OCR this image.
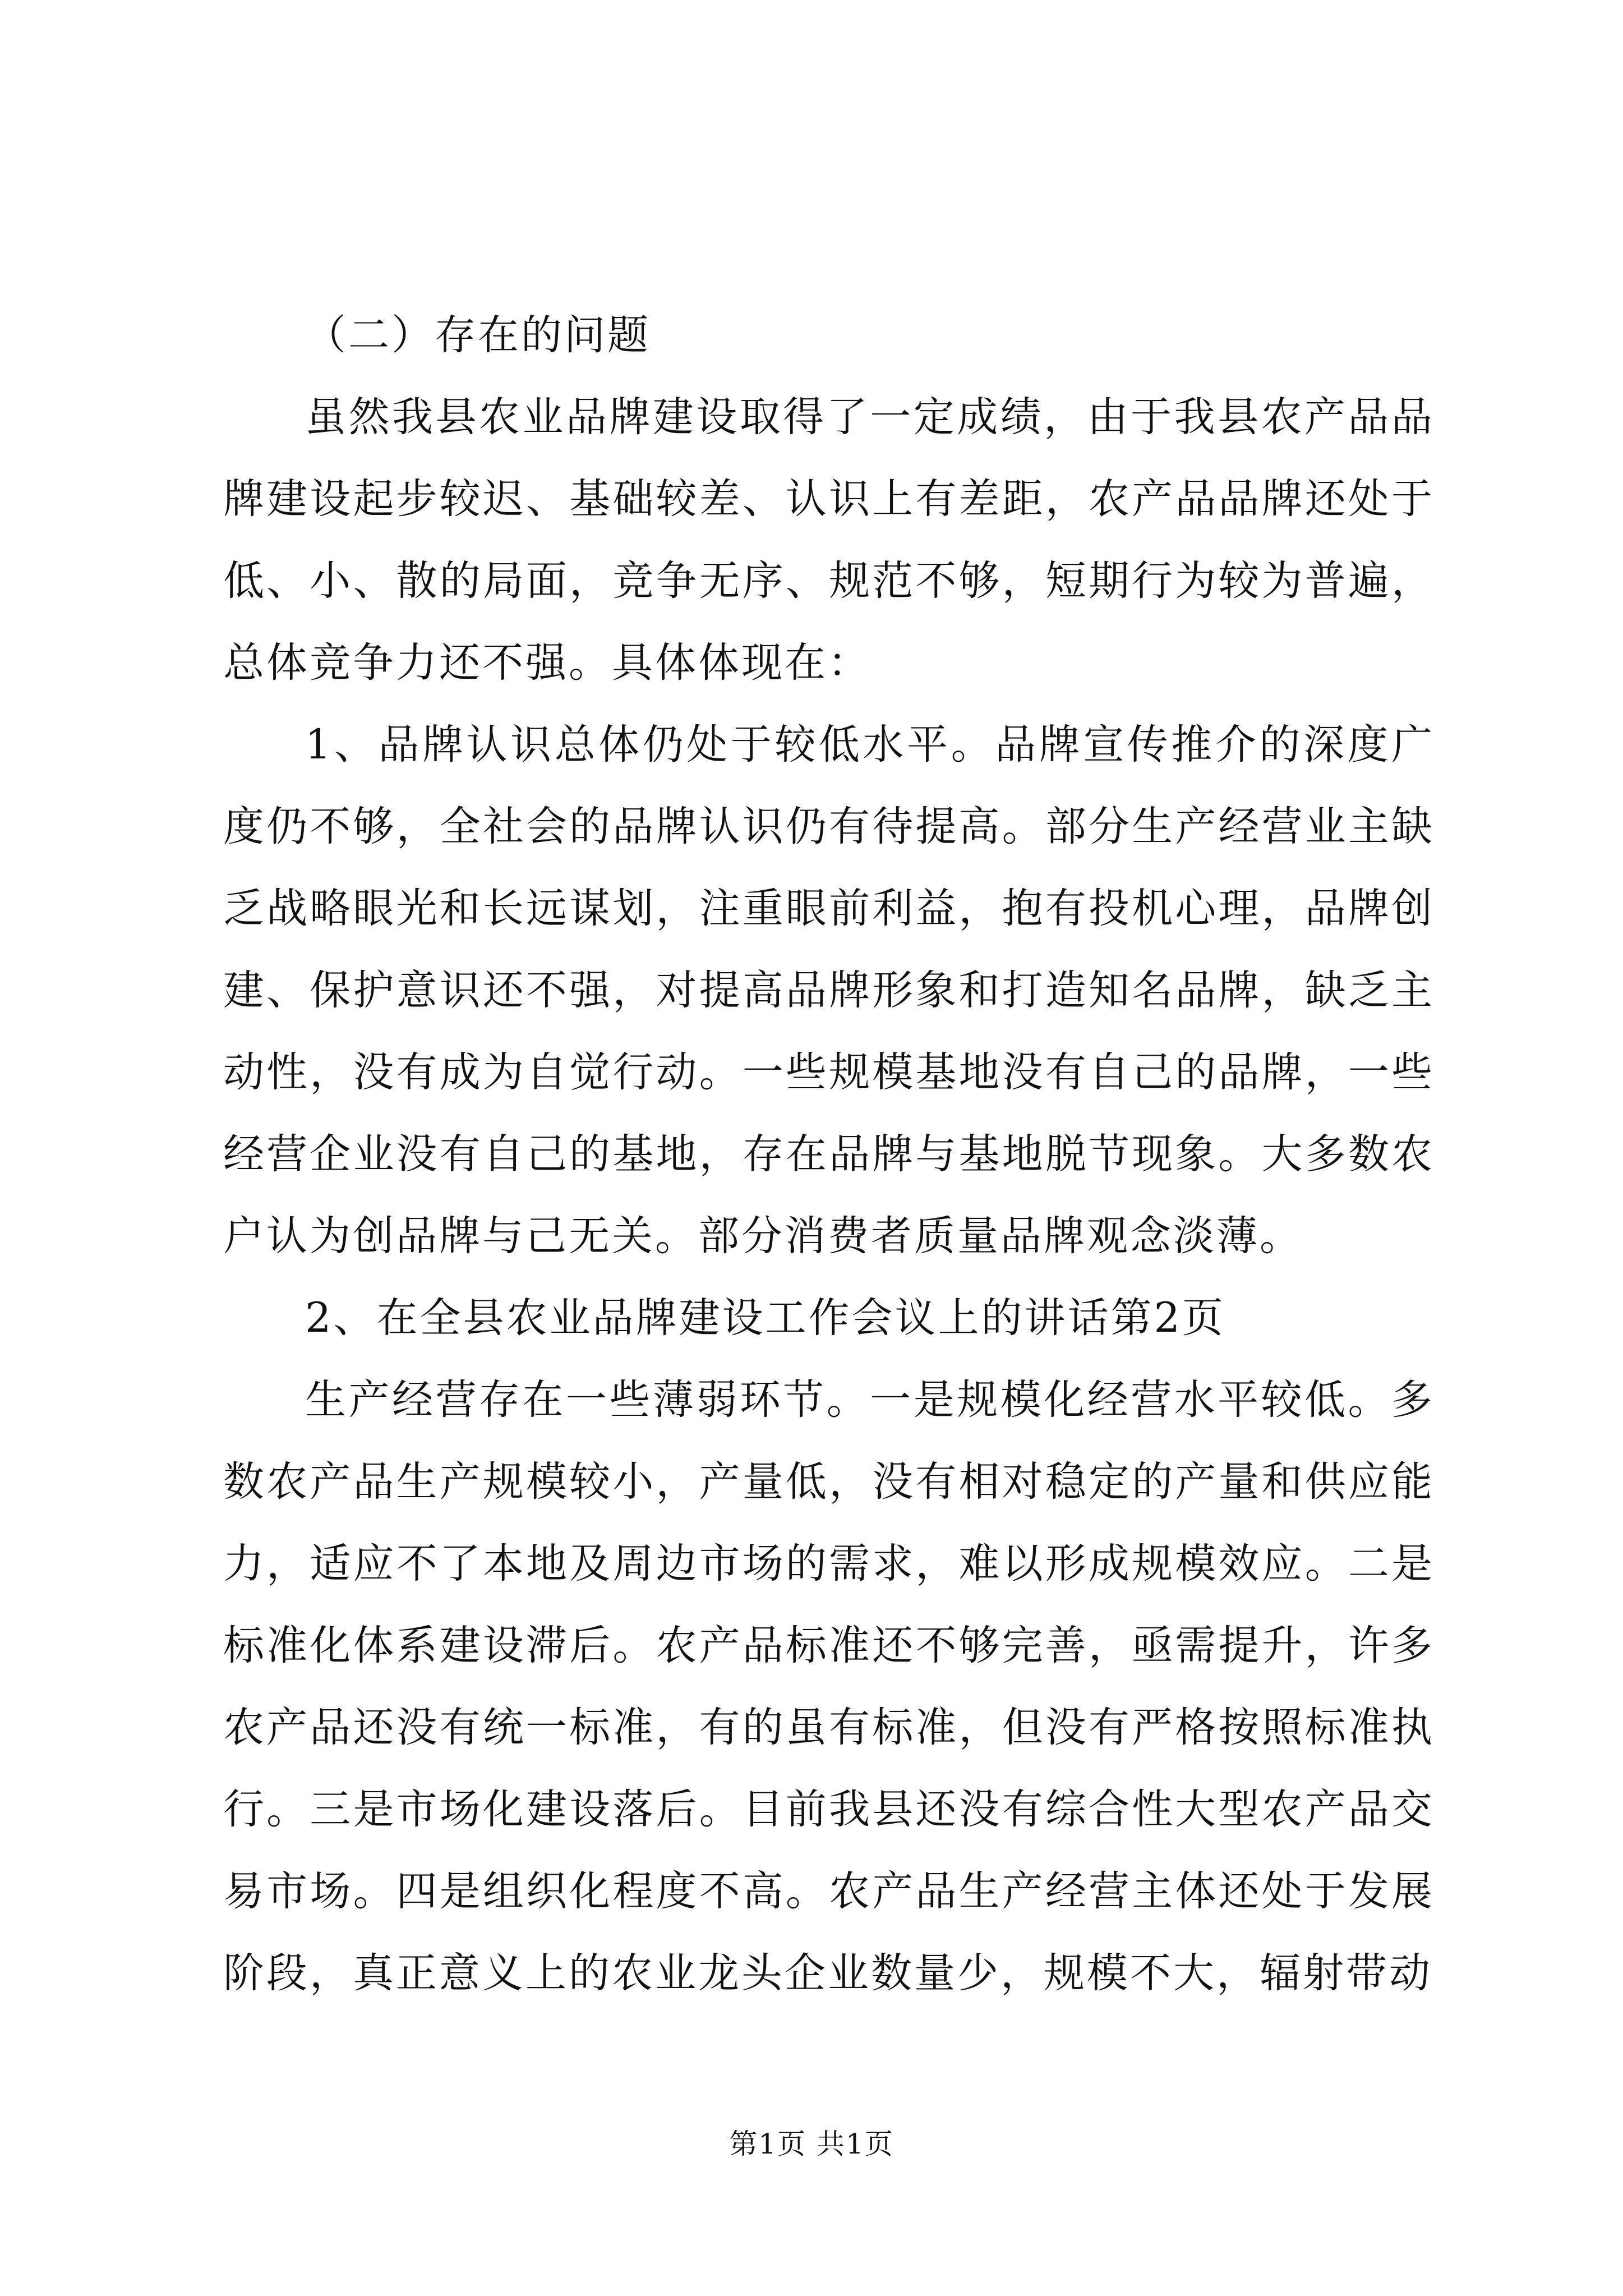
（二）存在的问题

虽然我县农业品牌建设取得了一定成绩，由于我县农产品品牌建设起步较迟、基础较差、认识上有差距，农产品品牌还处于低、小、散的局面，竞争无序、规范不够，短期行为较为普遍，总体竞争力还不强。具体体现在：

1、品牌认识总体仍处于较低水平。品牌宣传推介的深度广度仍不够，全社会的品牌认识仍有待提高。部分生产经营业主缺乏战略眼光和长远谋划，注重眼前利益，抱有投机心理，品牌创建、保护意识还不强，对提高品牌形象和打造知名品牌，缺乏主动性，没有成为自觉行动。一些规模基地没有自己的品牌，一些经营企业没有自己的基地，存在品牌与基地脱节现象。大多数农户认为创品牌与己无关。部分消费者质量品牌观念淡薄。

2、在全县农业品牌建设工作会议上的讲话第2页

生产经营存在一些薄弱环节。一是规模化经营水平较低。多数农产品生产规模较小，产量低，没有相对稳定的产量和供应能力，适应不了本地及周边市场的需求，难以形成规模效应。二是标准化体系建设滞后。农产品标准还不够完善，亟需提升，许多农产品还没有统一标准，有的虽有标准，但没有严格按照标准执行。三是市场化建设落后。目前我县还没有综合性大型农产品交易市场。四是组织化程度不高。农产品生产经营主体还处于发展阶段，真正意义上的农业龙头企业数量少，规模不大，辐射带动

第1页 共1页
